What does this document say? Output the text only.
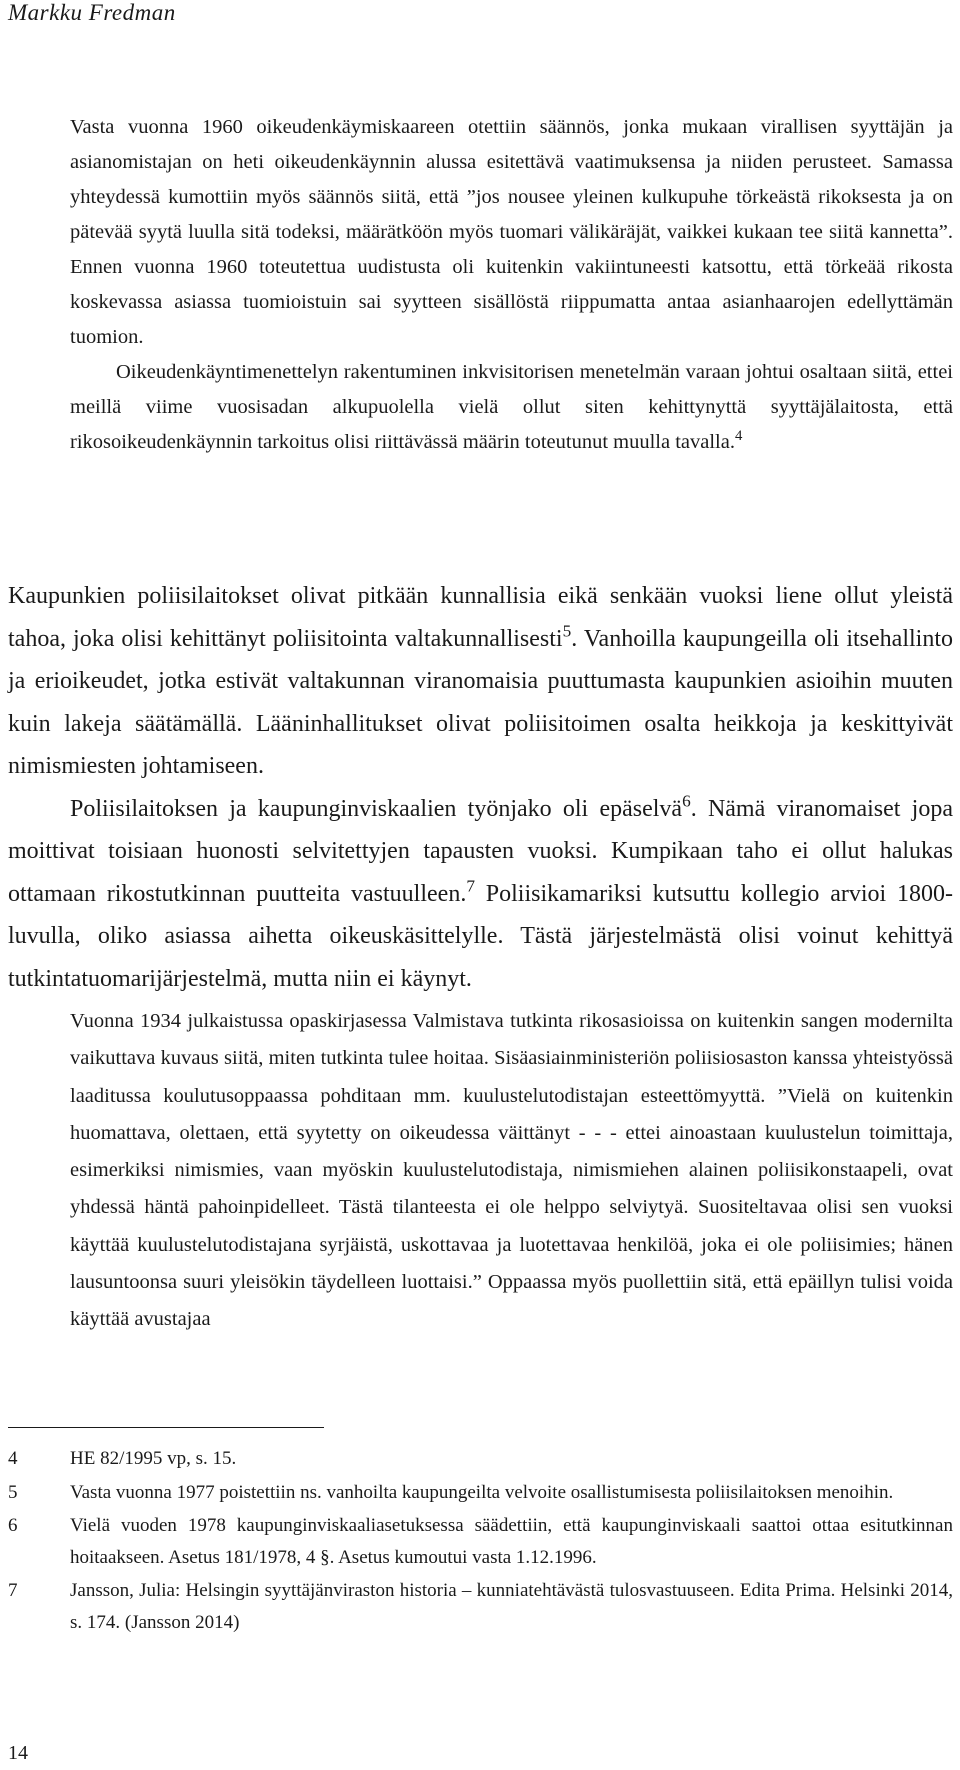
Markku Fredman

Vasta vuonna 1960 oikeudenkäymiskaareen otettiin säännös, jonka mukaan virallisen syyttäjän ja asianomistajan on heti oikeudenkäynnin alussa esitettävä vaatimuksensa ja niiden perusteet. Samassa yhteydessä kumottiin myös säännös siitä, että ”jos nousee yleinen kulkupuhe törkeästä rikoksesta ja on pätevää syytä luulla sitä todeksi, määrätköön myös tuomari välikäräjät, vaikkei kukaan tee siitä kannetta”. Ennen vuonna 1960 toteutettua uudistusta oli kuitenkin vakiintuneesti katsottu, että törkeää rikosta koskevassa asiassa tuomioistuin sai syytteen sisällöstä riippumatta antaa asianhaarojen edellyttämän tuomion.

Oikeudenkäyntimenettelyn rakentuminen inkvisitorisen menetelmän varaan johtui osaltaan siitä, ettei meillä viime vuosisadan alkupuolella vielä ollut siten kehittynyttä syyttäjälaitosta, että rikosoikeudenkäynnin tarkoitus olisi riittävässä määrin toteutunut muulla tavalla.$^4$

Kaupunkien poliisilaitokset olivat pitkään kunnallisia eikä senkään vuoksi liene ollut yleistä tahoa, joka olisi kehittänyt poliisitointa valtakunnallisesti$^5$. Vanhoilla kaupungeilla oli itsehallinto ja erioikeudet, jotka estivät valtakunnan viranomaisia puuttumasta kaupunkien asioihin muuten kuin lakeja säätämällä. Lääninhallitukset olivat poliisitoimen osalta heikkoja ja keskittyivät nimismiesten johtamiseen.

Poliisilaitoksen ja kaupunginviskaalien työnjako oli epäselvä$^6$. Nämä viranomaiset jopa moittivat toisiaan huonosti selvitettyjen tapausten vuoksi. Kumpikaan taho ei ollut halukas ottamaan rikostutkinnan puutteita vastuulleen.$^7$ Poliisikamariksi kutsuttu kollegio arvioi 1800-luvulla, oliko asiassa aihetta oikeuskäsittelylle. Tästä järjestelmästä olisi voinut kehittyä tutkintatuomarijärjestelmä, mutta niin ei käynyt.

Vuonna 1934 julkaistussa opaskirjasessa Valmistava tutkinta rikosasioissa on kuitenkin sangen modernilta vaikuttava kuvaus siitä, miten tutkinta tulee hoitaa. Sisäasiainministeriön poliisiosaston kanssa yhteistyössä laaditussa koulutusoppaassa pohditaan mm. kuulustelutodistajan esteettömyyttä. ”Vielä on kuitenkin huomattava, olettaen, että syytetty on oikeudessa väittänyt - - - ettei ainoastaan kuulustelun toimittaja, esimerkiksi nimismies, vaan myöskin kuulustelutodistaja, nimismiehen alainen poliisikonstaapeli, ovat yhdessä häntä pahoinpidelleet. Tästä tilanteesta ei ole helppo selviytyä. Suositeltavaa olisi sen vuoksi käyttää kuulustelutodistajana syrjäistä, uskottavaa ja luotettavaa henkilöä, joka ei ole poliisimies; hänen lausuntoonsa suuri yleisökin täydelleen luottaisi.” Oppaassa myös puollettiin sitä, että epäillyn tulisi voida käyttää avustajaa

4	HE 82/1995 vp, s. 15.
5	Vasta vuonna 1977 poistettiin ns. vanhoilta kaupungeilta velvoite osallistumisesta poliisilaitoksen menoihin.
6	Vielä vuoden 1978 kaupunginviskaaliasetuksessa säädettiin, että kaupunginviskaali saattoi ottaa esitutkinnan hoitaakseen. Asetus 181/1978, 4 §. Asetus kumoutui vasta 1.12.1996.
7	Jansson, Julia: Helsingin syyttäjänviraston historia – kunniatehtävästä tulosvastuuseen. Edita Prima. Helsinki 2014, s. 174. (Jansson 2014)
14
